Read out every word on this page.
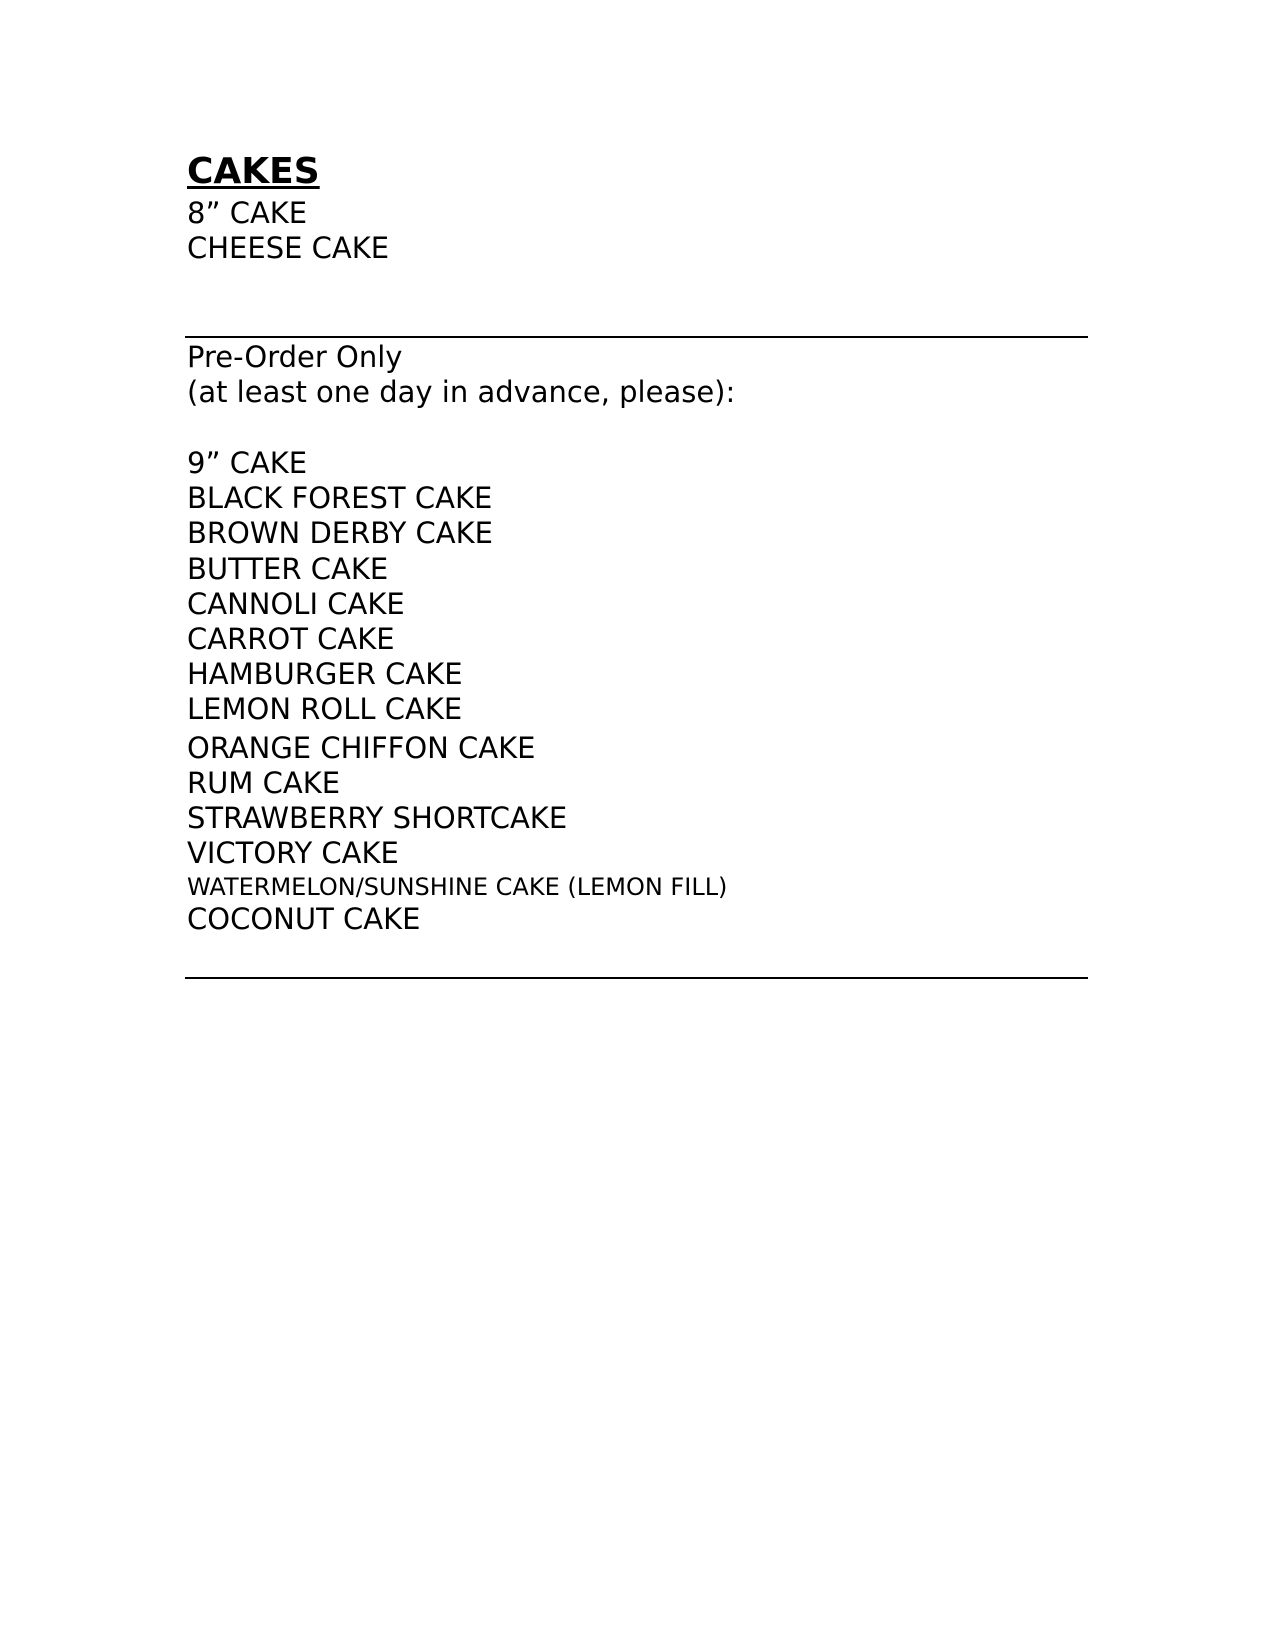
CAKES
8” CAKE
CHEESE CAKE
Pre-Order Only
(at least one day in advance, please):
9” CAKE
BLACK FOREST CAKE
BROWN DERBY CAKE
BUTTER CAKE
CANNOLI CAKE
CARROT CAKE
HAMBURGER CAKE
LEMON ROLL CAKE
ORANGE CHIFFON CAKE
RUM CAKE
STRAWBERRY SHORTCAKE
VICTORY CAKE
WATERMELON/SUNSHINE CAKE (LEMON FILL)
COCONUT CAKE
